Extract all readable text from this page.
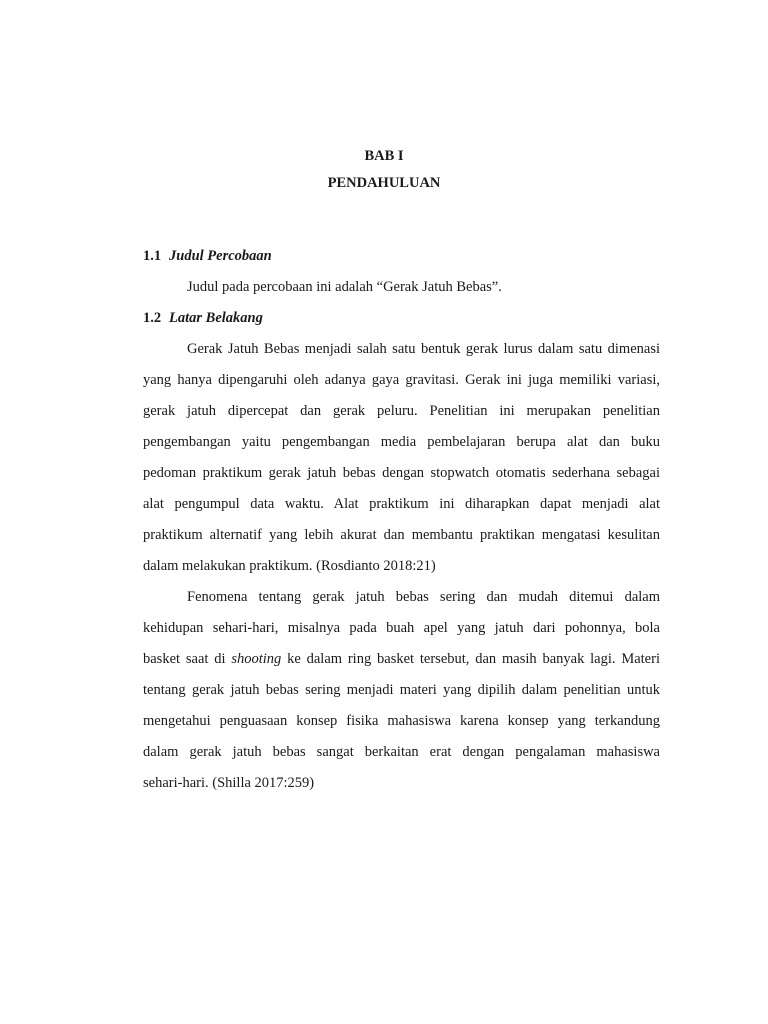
BAB I
PENDAHULUAN
1.1 Judul Percobaan
Judul pada percobaan ini adalah “Gerak Jatuh Bebas”.
1.2 Latar Belakang
Gerak Jatuh Bebas menjadi salah satu bentuk gerak lurus dalam satu dimenasi
yang hanya dipengaruhi oleh adanya gaya gravitasi. Gerak ini juga memiliki variasi,
gerak jatuh dipercepat dan gerak peluru. Penelitian ini merupakan penelitian
pengembangan yaitu pengembangan media pembelajaran berupa alat dan buku
pedoman praktikum gerak jatuh bebas dengan stopwatch otomatis sederhana sebagai
alat pengumpul data waktu. Alat praktikum ini diharapkan dapat menjadi alat
praktikum alternatif yang lebih akurat dan membantu praktikan mengatasi kesulitan
dalam melakukan praktikum. (Rosdianto 2018:21)
Fenomena tentang gerak jatuh bebas sering dan mudah ditemui dalam
kehidupan sehari-hari, misalnya pada buah apel yang jatuh dari pohonnya, bola
basket saat di shooting ke dalam ring basket tersebut, dan masih banyak lagi. Materi
tentang gerak jatuh bebas sering menjadi materi yang dipilih dalam penelitian untuk
mengetahui penguasaan konsep fisika mahasiswa karena konsep yang terkandung
dalam gerak jatuh bebas sangat berkaitan erat dengan pengalaman mahasiswa
sehari-hari. (Shilla 2017:259)
